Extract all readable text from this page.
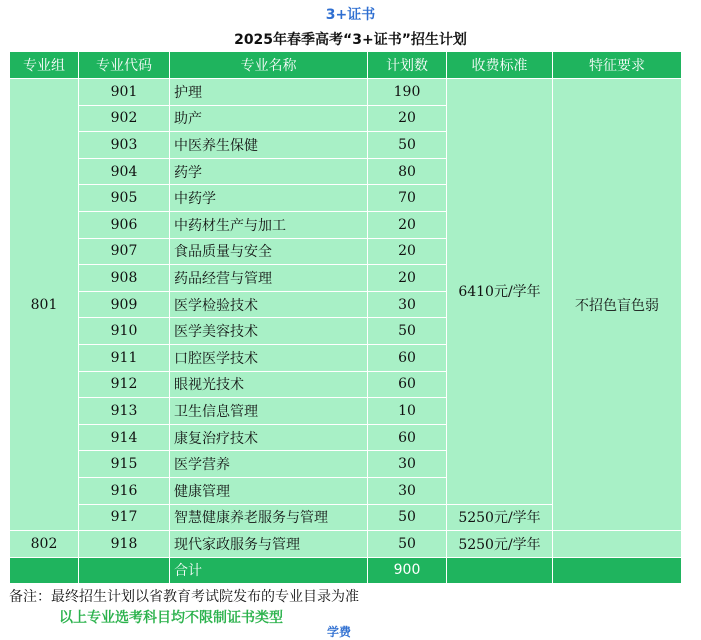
3+证书
2025年春季高考“3+证书”招生计划
专业组	专业代码	专业名称	计划数	收费标准	特征要求
801	901	护理	190	6410元/学年	不招色盲色弱
	902	助产	20		
	903	中医养生保健	50		
	904	药学	80		
	905	中药学	70		
	906	中药材生产与加工	20		
	907	食品质量与安全	20		
	908	药品经营与管理	20		
	909	医学检验技术	30		
	910	医学美容技术	50		
	911	口腔医学技术	60		
	912	眼视光技术	60		
	913	卫生信息管理	10		
	914	康复治疗技术	60		
	915	医学营养	30		
	916	健康管理	30		
	917	智慧健康养老服务与管理	50	5250元/学年	
802	918	现代家政服务与管理	50	5250元/学年	
		合计	900		
备注：最终招生计划以省教育考试院发布的专业目录为准
以上专业选考科目均不限制证书类型
学费
